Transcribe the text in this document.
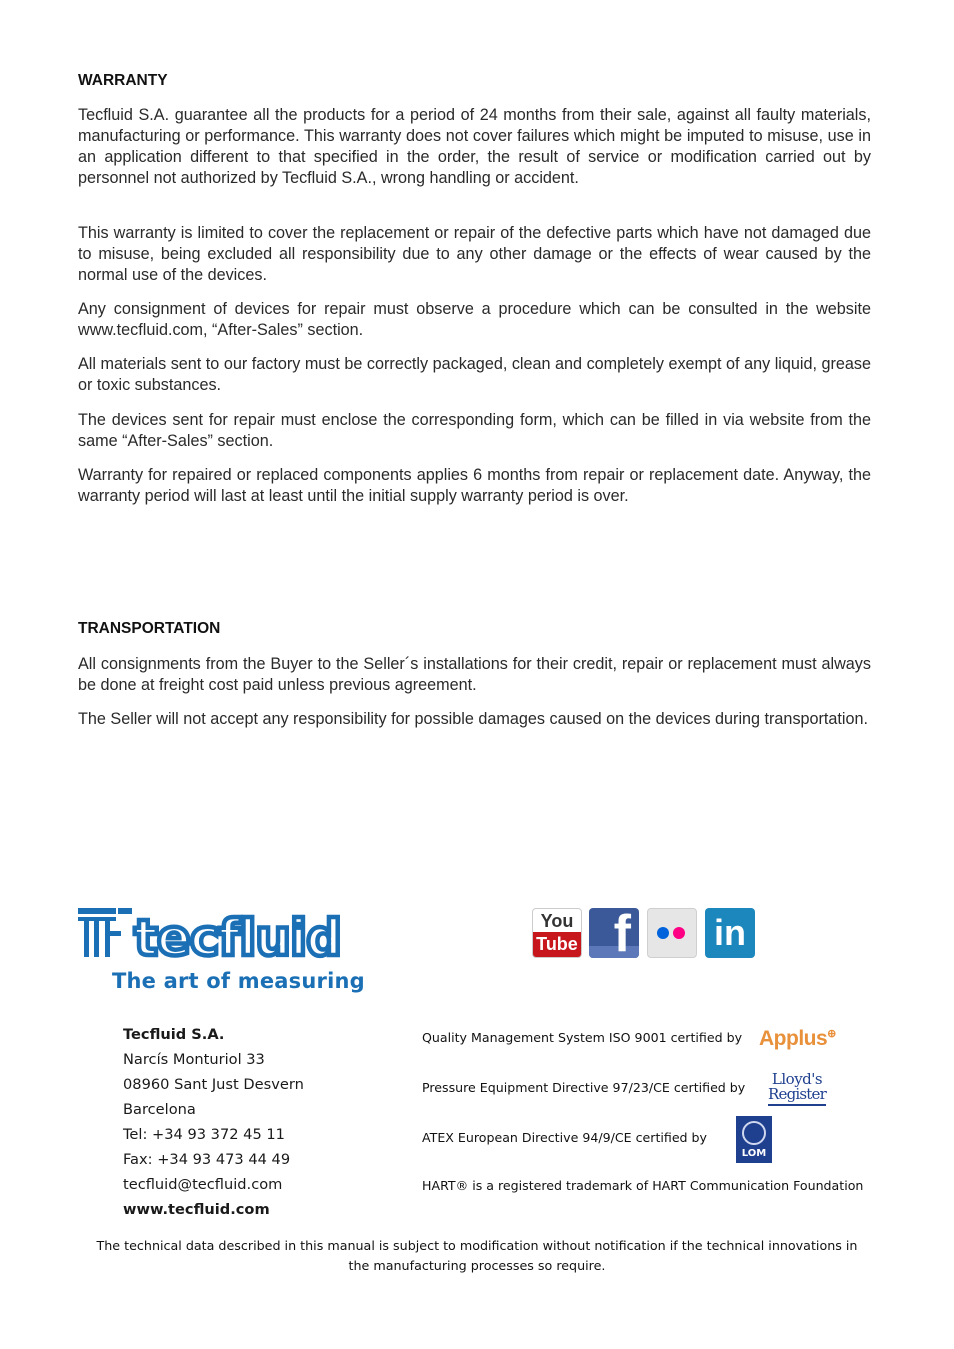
WARRANTY

Tecfluid S.A. guarantee all the products for a period of 24 months from their sale, against all faulty materials, manufacturing or performance. This warranty does not cover failures which might be imputed to misuse, use in an application different to that specified in the order, the result of service or modification carried out by personnel not authorized by Tecfluid S.A., wrong handling or accident.

This warranty is limited to cover the replacement or repair of the defective parts which have not damaged due to misuse, being excluded all responsibility due to any other damage or the effects of wear caused by the normal use of the devices.

Any consignment of devices for repair must observe a procedure which can be consulted in the website www.tecfluid.com, “After-Sales” section.

All materials sent to our factory must be correctly packaged, clean and completely exempt of any liquid, grease or toxic substances.

The devices sent for repair must enclose the corresponding form, which can be filled in via website from the same “After-Sales” section.

Warranty for repaired or replaced components applies 6 months from repair or replacement date. Anyway, the warranty period will last at least until the initial supply warranty period is over.

TRANSPORTATION

All consignments from the Buyer to the Seller´s installations for their credit, repair or replacement must always be done at freight cost paid unless previous agreement.

The Seller will not accept any responsibility for possible damages caused on the devices during transportation.

tecfluid
The art of measuring
You
Tube f in
Tecfluid S.A.
Narcís Monturiol 33
08960 Sant Just Desvern
Barcelona
Tel: +34 93 372 45 11
Fax: +34 93 473 44 49
tecfluid@tecfluid.com
www.tecfluid.com
Quality Management System ISO 9001 certified by Applus⊕
Pressure Equipment Directive 97/23/CE certified by Lloyd's
Register
ATEX European Directive 94/9/CE certified by
LOM
HART® is a registered trademark of HART Communication Foundation
The technical data described in this manual is subject to modification without notification if the technical innovations in
the manufacturing processes so require.
